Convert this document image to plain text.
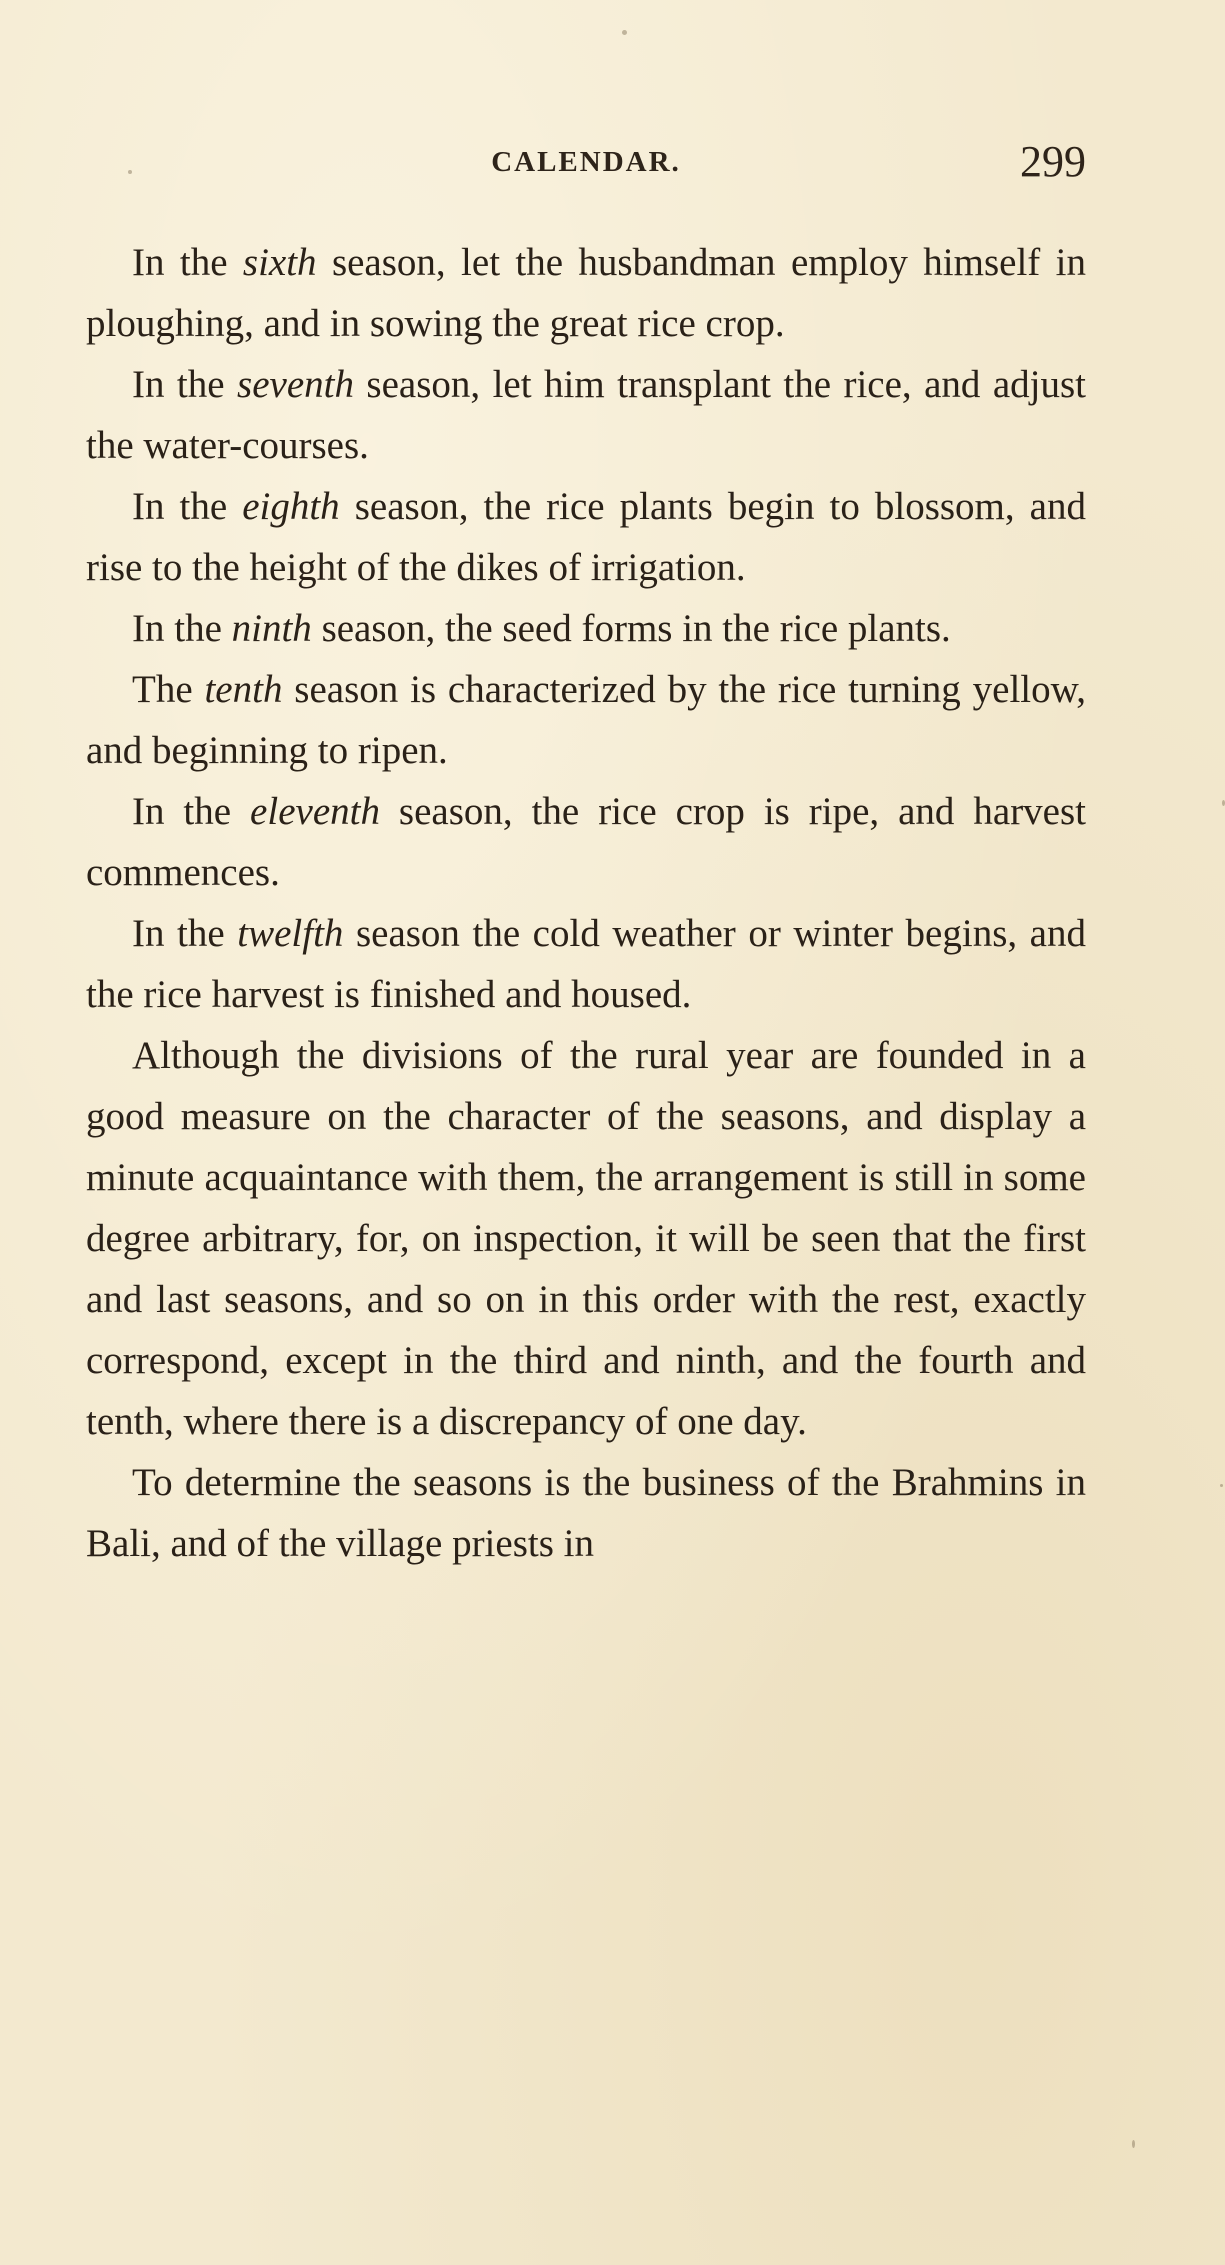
CALENDAR.	299

In the sixth season, let the husbandman employ himself in ploughing, and in sowing the great rice crop.

In the seventh season, let him transplant the rice, and adjust the water-courses.

In the eighth season, the rice plants begin to blossom, and rise to the height of the dikes of irrigation.

In the ninth season, the seed forms in the rice plants.

The tenth season is characterized by the rice turning yellow, and beginning to ripen.

In the eleventh season, the rice crop is ripe, and harvest commences.

In the twelfth season the cold weather or winter begins, and the rice harvest is finished and housed.

Although the divisions of the rural year are founded in a good measure on the character of the seasons, and display a minute acquaintance with them, the arrangement is still in some degree arbitrary, for, on inspection, it will be seen that the first and last seasons, and so on in this order with the rest, exactly correspond, except in the third and ninth, and the fourth and tenth, where there is a discrepancy of one day.

To determine the seasons is the business of the Brahmins in Bali, and of the village priests in
